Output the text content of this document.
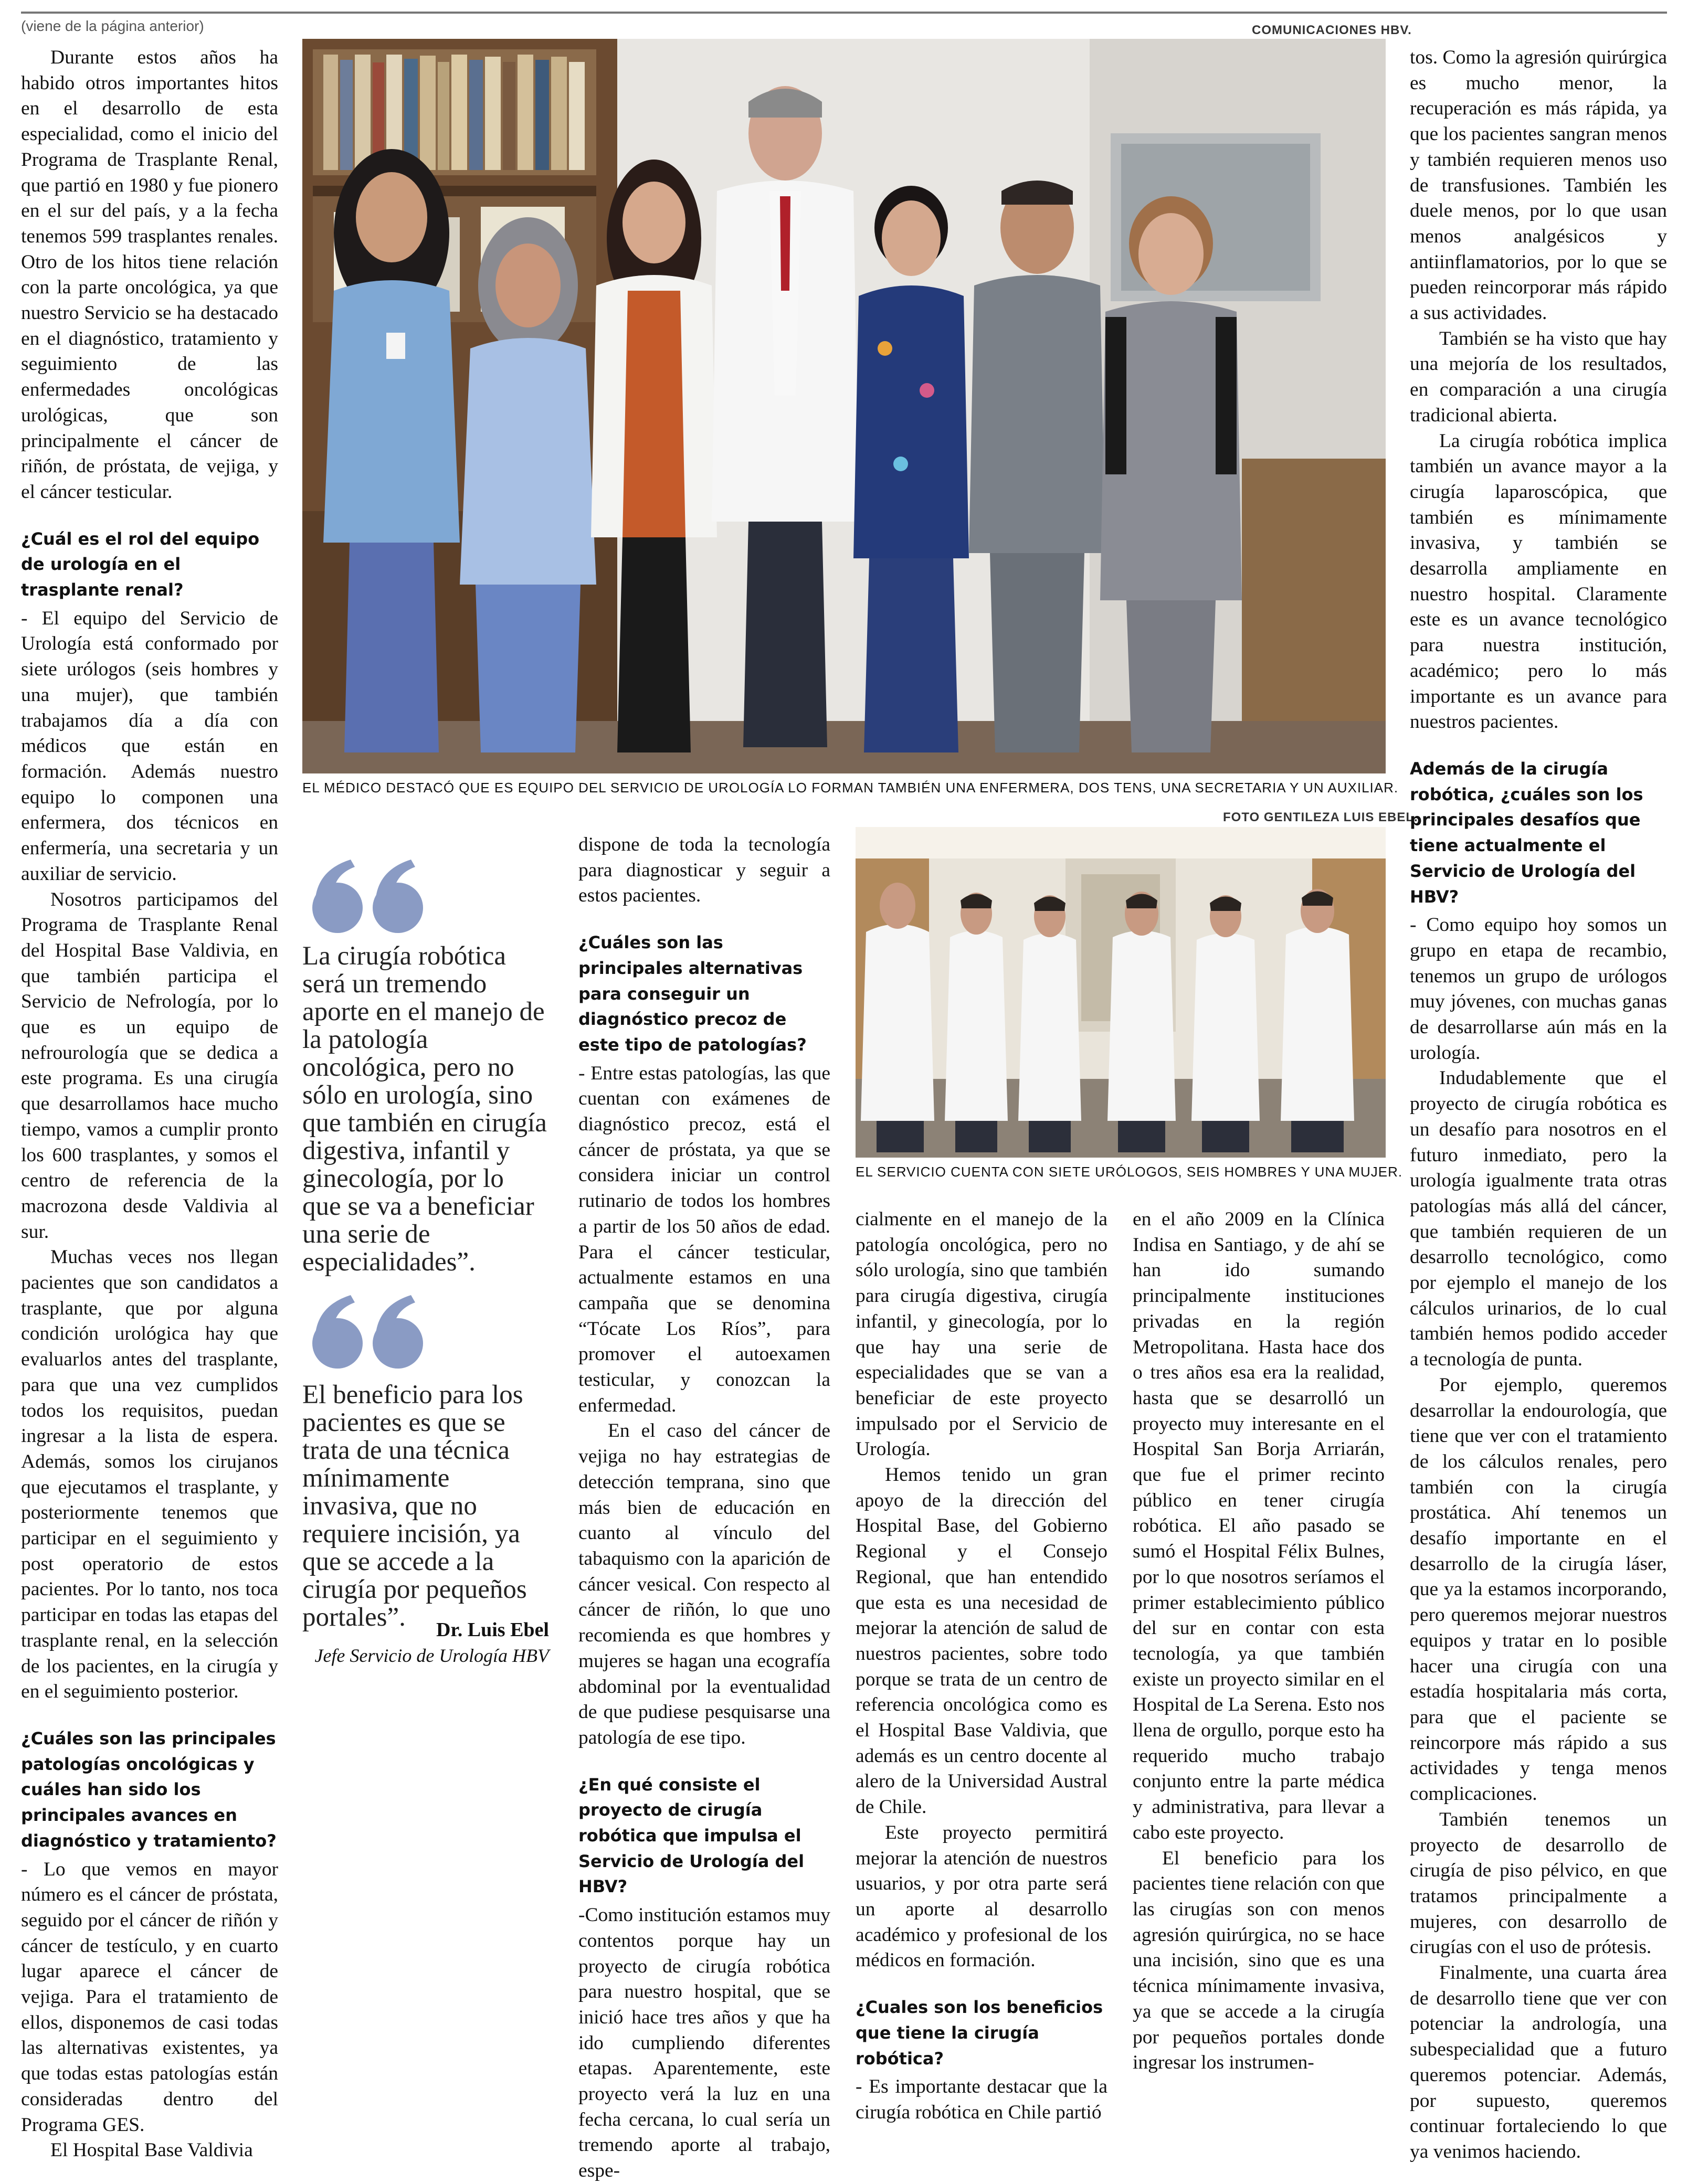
(viene de la página anterior)	COMUNICACIONES HBV.
EL MÉDICO DESTACÓ QUE ES EQUIPO DEL SERVICIO DE UROLOGÍA LO FORMAN TAMBIÉN UNA ENFERMERA, DOS TENS, UNA SECRETARIA Y UN AUXILIAR.
FOTO GENTILEZA LUIS EBEL.
EL SERVICIO CUENTA CON SIETE URÓLOGOS, SEIS HOMBRES Y UNA MUJER.

Durante estos años ha habido otros importantes hitos en el desarrollo de esta especialidad, como el inicio del Programa de Trasplante Renal, que partió en 1980 y fue pionero en el sur del país, y a la fecha tenemos 599 trasplantes renales. Otro de los hitos tiene relación con la parte oncológica, ya que nuestro Servicio se ha destacado en el diagnóstico, tratamiento y seguimiento de las enfermedades oncológicas urológicas, que son principalmente el cáncer de riñón, de próstata, de vejiga, y el cáncer testicular.

¿Cuál es el rol del equipo de urología en el trasplante renal?

- El equipo del Servicio de Urología está conformado por siete urólogos (seis hombres y una mujer), que también trabajamos día a día con médicos que están en formación. Además nuestro equipo lo componen una enfermera, dos técnicos en enfermería, una secretaria y un auxiliar de servicio.

Nosotros participamos del Programa de Trasplante Renal del Hospital Base Valdivia, en que también participa el Servicio de Nefrología, por lo que es un equipo de nefrourología que se dedica a este programa. Es una cirugía que desarrollamos hace mucho tiempo, vamos a cumplir pronto los 600 trasplantes, y somos el centro de referencia de la macrozona desde Valdivia al sur.

Muchas veces nos llegan pacientes que son candidatos a trasplante, que por alguna condición urológica hay que evaluarlos antes del trasplante, para que una vez cumplidos todos los requisitos, puedan ingresar a la lista de espera. Además, somos los cirujanos que ejecutamos el trasplante, y posteriormente tenemos que participar en el seguimiento y post operatorio de estos pacientes. Por lo tanto, nos toca participar en todas las etapas del trasplante renal, en la selección de los pacientes, en la cirugía y en el seguimiento posterior.

¿Cuáles son las principales patologías oncológicas y cuáles han sido los principales avances en diagnóstico y tratamiento?

- Lo que vemos en mayor número es el cáncer de próstata, seguido por el cáncer de riñón y cáncer de testículo, y en cuarto lugar aparece el cáncer de vejiga. Para el tratamiento de ellos, disponemos de casi todas las alternativas existentes, ya que todas estas patologías están consideradas dentro del Programa GES.

El Hospital Base Valdivia

La cirugía robótica será un tremendo aporte en el manejo de la patología oncológica, pero no sólo en urología, sino que también en cirugía digestiva, infantil y ginecología, por lo que se va a beneficiar una serie de especialidades”.
El beneficio para los pacientes es que se trata de una técnica mínimamente invasiva, que no requiere incisión, ya que se accede a la cirugía por pequeños portales”.	Dr. Luis Ebel
Jefe Servicio de Urología HBV

dispone de toda la tecnología para diagnosticar y seguir a estos pacientes.

¿Cuáles son las principales alternativas para conseguir un diagnóstico precoz de este tipo de patologías?

- Entre estas patologías, las que cuentan con exámenes de diagnóstico precoz, está el cáncer de próstata, ya que se considera iniciar un control rutinario de todos los hombres a partir de los 50 años de edad. Para el cáncer testicular, actualmente estamos en una campaña que se denomina “Tócate Los Ríos”, para promover el autoexamen testicular, y conozcan la enfermedad.

En el caso del cáncer de vejiga no hay estrategias de detección temprana, sino que más bien de educación en cuanto al vínculo del tabaquismo con la aparición de cáncer vesical. Con respecto al cáncer de riñón, lo que uno recomienda es que hombres y mujeres se hagan una ecografía abdominal por la eventualidad de que pudiese pesquisarse una patología de ese tipo.

¿En qué consiste el proyecto de cirugía robótica que impulsa el Servicio de Urología del HBV?

-Como institución estamos muy contentos porque hay un proyecto de cirugía robótica para nuestro hospital, que se inició hace tres años y que ha ido cumpliendo diferentes etapas. Aparentemente, este proyecto verá la luz en una fecha cercana, lo cual sería un tremendo aporte al trabajo, espe-

cialmente en el manejo de la patología oncológica, pero no sólo urología, sino que también para cirugía digestiva, cirugía infantil, y ginecología, por lo que hay una serie de especialidades que se van a beneficiar de este proyecto impulsado por el Servicio de Urología.

Hemos tenido un gran apoyo de la dirección del Hospital Base, del Gobierno Regional y el Consejo Regional, que han entendido que esta es una necesidad de mejorar la atención de salud de nuestros pacientes, sobre todo porque se trata de un centro de referencia oncológica como es el Hospital Base Valdivia, que además es un centro docente al alero de la Universidad Austral de Chile.

Este proyecto permitirá mejorar la atención de nuestros usuarios, y por otra parte será un aporte al desarrollo académico y profesional de los médicos en formación.

¿Cuales son los beneficios que tiene la cirugía robótica?

- Es importante destacar que la cirugía robótica en Chile partió

en el año 2009 en la Clínica Indisa en Santiago, y de ahí se han ido sumando principalmente instituciones privadas en la región Metropolitana. Hasta hace dos o tres años esa era la realidad, hasta que se desarrolló un proyecto muy interesante en el Hospital San Borja Arriarán, que fue el primer recinto público en tener cirugía robótica. El año pasado se sumó el Hospital Félix Bulnes, por lo que nosotros seríamos el primer establecimiento público del sur en contar con esta tecnología, ya que también existe un proyecto similar en el Hospital de La Serena. Esto nos llena de orgullo, porque esto ha requerido mucho trabajo conjunto entre la parte médica y administrativa, para llevar a cabo este proyecto.

El beneficio para los pacientes tiene relación con que las cirugías son con menos agresión quirúrgica, no se hace una incisión, sino que es una técnica mínimamente invasiva, ya que se accede a la cirugía por pequeños portales donde ingresar los instrumen-

tos. Como la agresión quirúrgica es mucho menor, la recuperación es más rápida, ya que los pacientes sangran menos y también requieren menos uso de transfusiones. También les duele menos, por lo que usan menos analgésicos y antiinflamatorios, por lo que se pueden reincorporar más rápido a sus actividades.

También se ha visto que hay una mejoría de los resultados, en comparación a una cirugía tradicional abierta.

La cirugía robótica implica también un avance mayor a la cirugía laparoscópica, que también es mínimamente invasiva, y también se desarrolla ampliamente en nuestro hospital. Claramente este es un avance tecnológico para nuestra institución, académico; pero lo más importante es un avance para nuestros pacientes.

Además de la cirugía robótica, ¿cuáles son los principales desafíos que tiene actualmente el Servicio de Urología del HBV?

- Como equipo hoy somos un grupo en etapa de recambio, tenemos un grupo de urólogos muy jóvenes, con muchas ganas de desarrollarse aún más en la urología.

Indudablemente que el proyecto de cirugía robótica es un desafío para nosotros en el futuro inmediato, pero la urología igualmente trata otras patologías más allá del cáncer, que también requieren de un desarrollo tecnológico, como por ejemplo el manejo de los cálculos urinarios, de lo cual también hemos podido acceder a tecnología de punta.

Por ejemplo, queremos desarrollar la endourología, que tiene que ver con el tratamiento de los cálculos renales, pero también con la cirugía prostática. Ahí tenemos un desafío importante en el desarrollo de la cirugía láser, que ya la estamos incorporando, pero queremos mejorar nuestros equipos y tratar en lo posible hacer una cirugía con una estadía hospitalaria más corta, para que el paciente se reincorpore más rápido a sus actividades y tenga menos complicaciones.

También tenemos un proyecto de desarrollo de cirugía de piso pélvico, en que tratamos principalmente a mujeres, con desarrollo de cirugías con el uso de prótesis.

Finalmente, una cuarta área de desarrollo tiene que ver con potenciar la andrología, una subespecialidad que a futuro queremos potenciar. Además, por supuesto, queremos continuar fortaleciendo lo que ya venimos haciendo.
